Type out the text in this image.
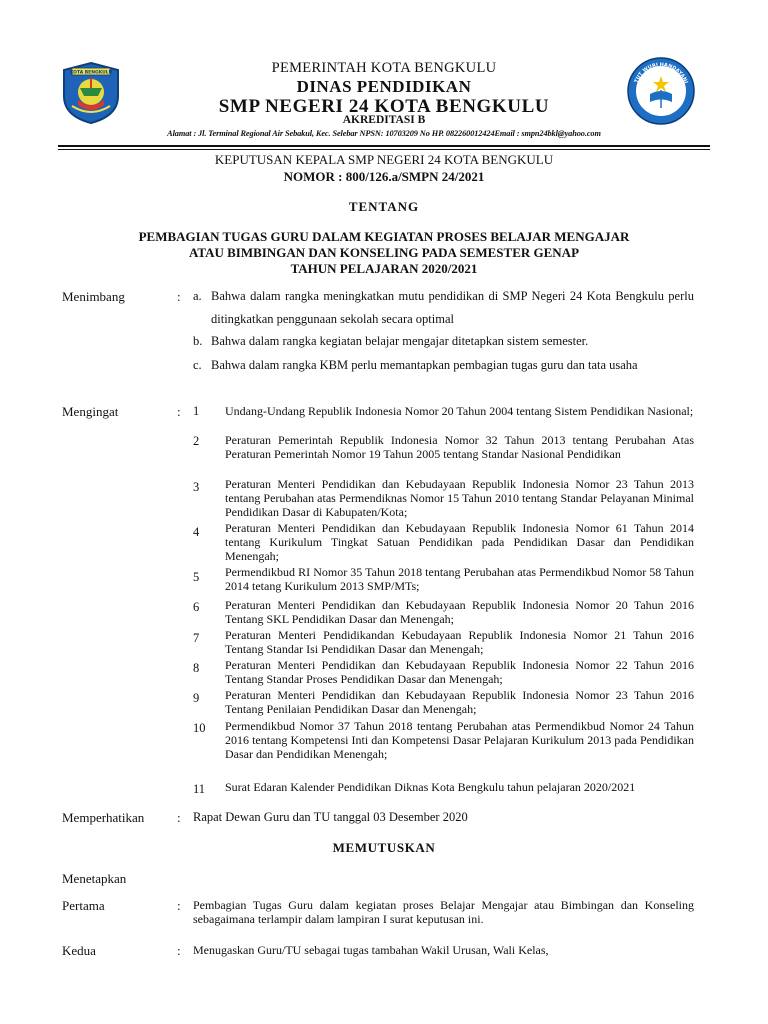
KOTA BENGKULU
TUT WURI HANDAYANI
PEMERINTAH KOTA BENGKULU
DINAS PENDIDIKAN
SMP NEGERI 24 KOTA BENGKULU
AKREDITASI B
Alamat : Jl. Terminal Regional Air Sebakul, Kec. Selebar NPSN: 10703209 No HP. 082260012424Email : smpn24bkl@yahoo.com
KEPUTUSAN KEPALA SMP NEGERI 24 KOTA BENGKULU
NOMOR : 800/126.a/SMPN 24/2021
TENTANG
PEMBAGIAN TUGAS GURU DALAM KEGIATAN PROSES BELAJAR MENGAJAR
ATAU BIMBINGAN DAN KONSELING PADA SEMESTER GENAP
TAHUN PELAJARAN 2020/2021
Menimbang	: a. Bahwa dalam rangka meningkatkan mutu pendidikan di SMP Negeri 24 Kota Bengkulu perlu ditingkatkan penggunaan sekolah secara optimal
b. Bahwa dalam rangka kegiatan belajar mengajar ditetapkan sistem semester.
c. Bahwa dalam rangka KBM perlu memantapkan pembagian tugas guru dan tata usaha
Mengingat	: 1	Undang-Undang Republik Indonesia Nomor 20 Tahun 2004 tentang Sistem Pendidikan Nasional;
2	Peraturan Pemerintah Republik Indonesia Nomor 32 Tahun 2013 tentang Perubahan Atas Peraturan Pemerintah Nomor 19 Tahun 2005 tentang Standar Nasional Pendidikan
3	Peraturan Menteri Pendidikan dan Kebudayaan Republik Indonesia Nomor 23 Tahun 2013 tentang Perubahan atas Permendiknas Nomor 15 Tahun 2010 tentang Standar Pelayanan Minimal Pendidikan Dasar di Kabupaten/Kota;
4	Peraturan Menteri Pendidikan dan Kebudayaan Republik Indonesia Nomor 61 Tahun 2014 tentang Kurikulum Tingkat Satuan Pendidikan pada Pendidikan Dasar dan Pendidikan Menengah;
5	Permendikbud RI Nomor 35 Tahun 2018 tentang Perubahan atas Permendikbud Nomor 58 Tahun 2014 tetang Kurikulum 2013 SMP/MTs;
6	Peraturan Menteri Pendidikan dan Kebudayaan Republik Indonesia Nomor 20 Tahun 2016 Tentang SKL Pendidikan Dasar dan Menengah;
7	Peraturan Menteri Pendidikandan Kebudayaan Republik Indonesia Nomor 21 Tahun 2016 Tentang Standar Isi Pendidikan Dasar dan Menengah;
8	Peraturan Menteri Pendidikan dan Kebudayaan Republik Indonesia Nomor 22 Tahun 2016 Tentang Standar Proses Pendidikan Dasar dan Menengah;
9	Peraturan Menteri Pendidikan dan Kebudayaan Republik Indonesia Nomor 23 Tahun 2016 Tentang Penilaian Pendidikan Dasar dan Menengah;
10 Permendikbud Nomor 37 Tahun 2018 tentang Perubahan atas Permendikbud Nomor 24 Tahun 2016 tentang Kompetensi Inti dan Kompetensi Dasar Pelajaran Kurikulum 2013 pada Pendidikan Dasar dan Pendidikan Menengah;
11 Surat Edaran Kalender Pendidikan Diknas Kota Bengkulu tahun pelajaran 2020/2021
Memperhatikan	: Rapat Dewan Guru dan TU tanggal 03 Desember 2020
MEMUTUSKAN
Menetapkan
Pertama	: Pembagian Tugas Guru dalam kegiatan proses Belajar Mengajar atau Bimbingan dan Konseling sebagaimana terlampir dalam lampiran I surat keputusan ini.
Kedua	: Menugaskan Guru/TU sebagai tugas tambahan Wakil Urusan, Wali Kelas,
